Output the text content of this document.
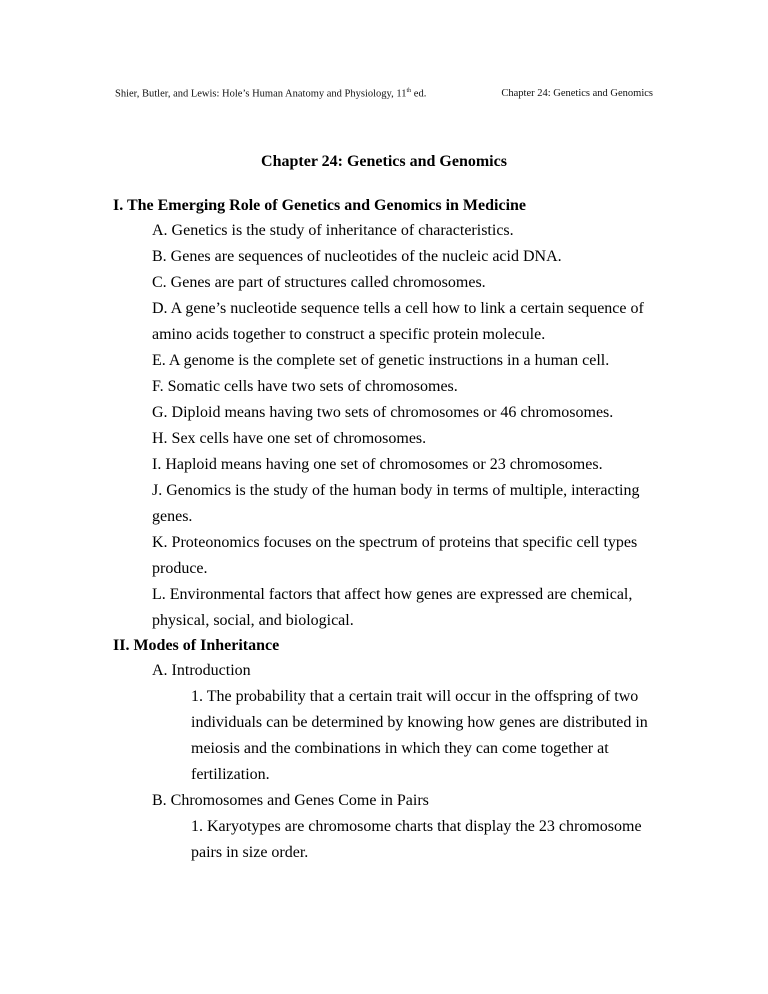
Shier, Butler, and Lewis: Hole’s Human Anatomy and Physiology, 11th ed.	Chapter 24: Genetics and Genomics
Chapter 24: Genetics and Genomics
I. The Emerging Role of Genetics and Genomics in Medicine
A. Genetics is the study of inheritance of characteristics.
B. Genes are sequences of nucleotides of the nucleic acid DNA.
C. Genes are part of structures called chromosomes.
D. A gene’s nucleotide sequence tells a cell how to link a certain sequence of
amino acids together to construct a specific protein molecule.
E. A genome is the complete set of genetic instructions in a human cell.
F. Somatic cells have two sets of chromosomes.
G. Diploid means having two sets of chromosomes or 46 chromosomes.
H. Sex cells have one set of chromosomes.
I. Haploid means having one set of chromosomes or 23 chromosomes.
J. Genomics is the study of the human body in terms of multiple, interacting
genes.
K. Proteonomics focuses on the spectrum of proteins that specific cell types
produce.
L. Environmental factors that affect how genes are expressed are chemical,
physical, social, and biological.
II. Modes of Inheritance
A. Introduction
1. The probability that a certain trait will occur in the offspring of two
individuals can be determined by knowing how genes are distributed in
meiosis and the combinations in which they can come together at
fertilization.
B. Chromosomes and Genes Come in Pairs
1. Karyotypes are chromosome charts that display the 23 chromosome
pairs in size order.
